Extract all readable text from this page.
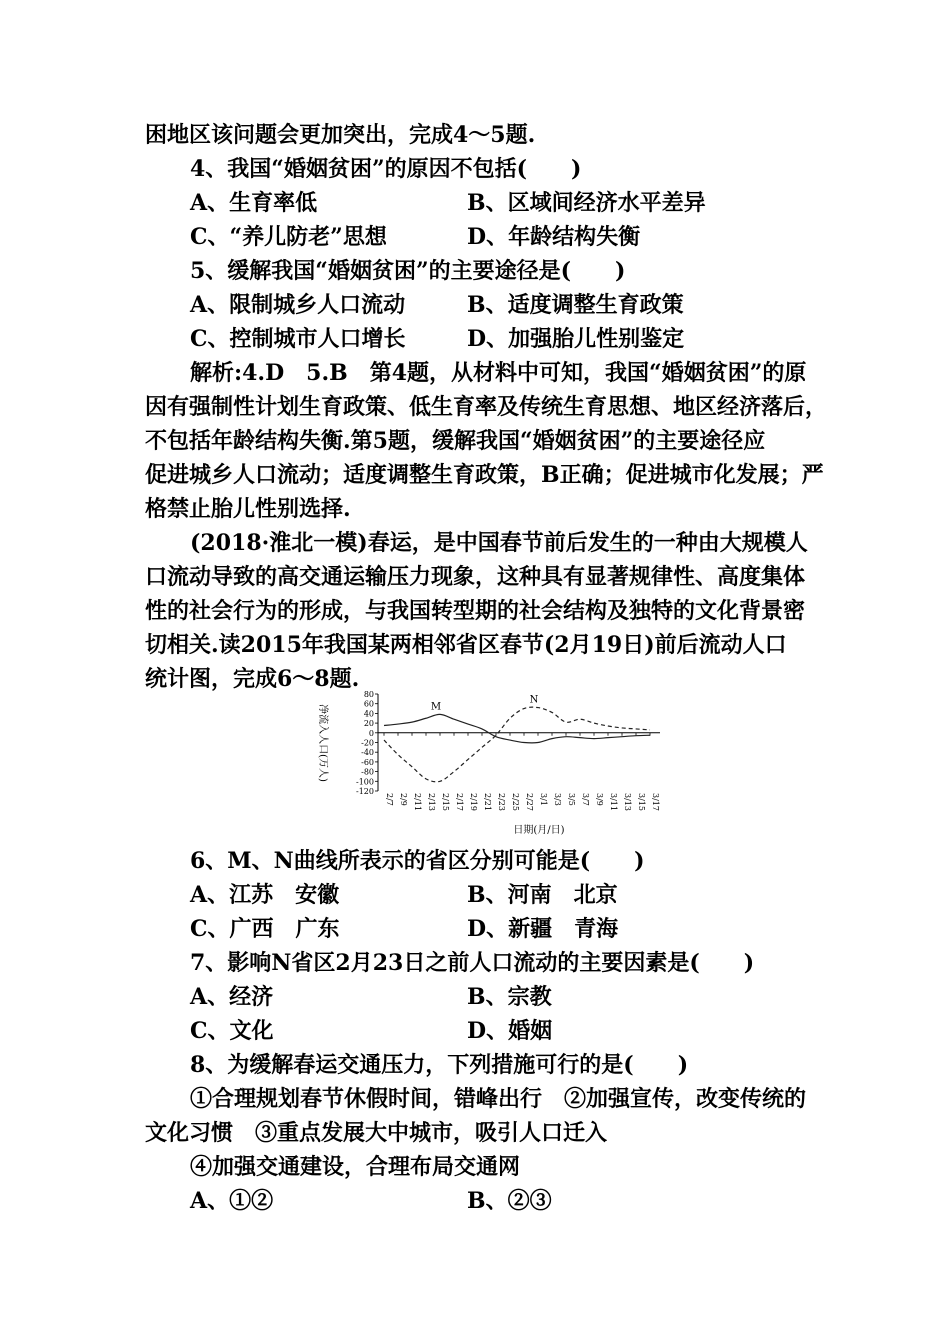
困地区该问题会更加突出，完成4～5题.
4、我国“婚姻贫困”的原因不包括(　　)
A、生育率低	B、区域间经济水平差异
C、“养儿防老”思想	D、年龄结构失衡
5、缓解我国“婚姻贫困”的主要途径是(　　)
A、限制城乡人口流动	B、适度调整生育政策
C、控制城市人口增长	D、加强胎儿性别鉴定
解析:4.D　5.B　第4题，从材料中可知，我国“婚姻贫困”的原
因有强制性计划生育政策、低生育率及传统生育思想、地区经济落后，
不包括年龄结构失衡.第5题，缓解我国“婚姻贫困”的主要途径应
促进城乡人口流动；适度调整生育政策，B正确；促进城市化发展；严
格禁止胎儿性别选择.
(2018·淮北一模)春运，是中国春节前后发生的一种由大规模人
口流动导致的高交通运输压力现象，这种具有显著规律性、高度集体
性的社会行为的形成，与我国转型期的社会结构及独特的文化背景密
切相关.读2015年我国某两相邻省区春节(2月19日)前后流动人口
统计图，完成6～8题.
净流入人口(万人)
80
60
40
20
0
-20
-40
-60
-80
-100
-120
2/7 2/9 2/11 2/13 2/15 2/17 2/19 2/21 2/23 2/25 2/27 3/1 3/3 3/5 3/7 3/9 3/11 3/13 3/15 3/17
日期(月/日)
M
N
6、M、N曲线所表示的省区分别可能是(　　)
A、江苏　安徽	B、河南　北京
C、广西　广东	D、新疆　青海
7、影响N省区2月23日之前人口流动的主要因素是(　　)
A、经济	B、宗教
C、文化	D、婚姻
8、为缓解春运交通压力，下列措施可行的是(　　)
①合理规划春节休假时间，错峰出行　②加强宣传，改变传统的
文化习惯　③重点发展大中城市，吸引人口迁入
④加强交通建设，合理布局交通网
A、①②	B、②③
